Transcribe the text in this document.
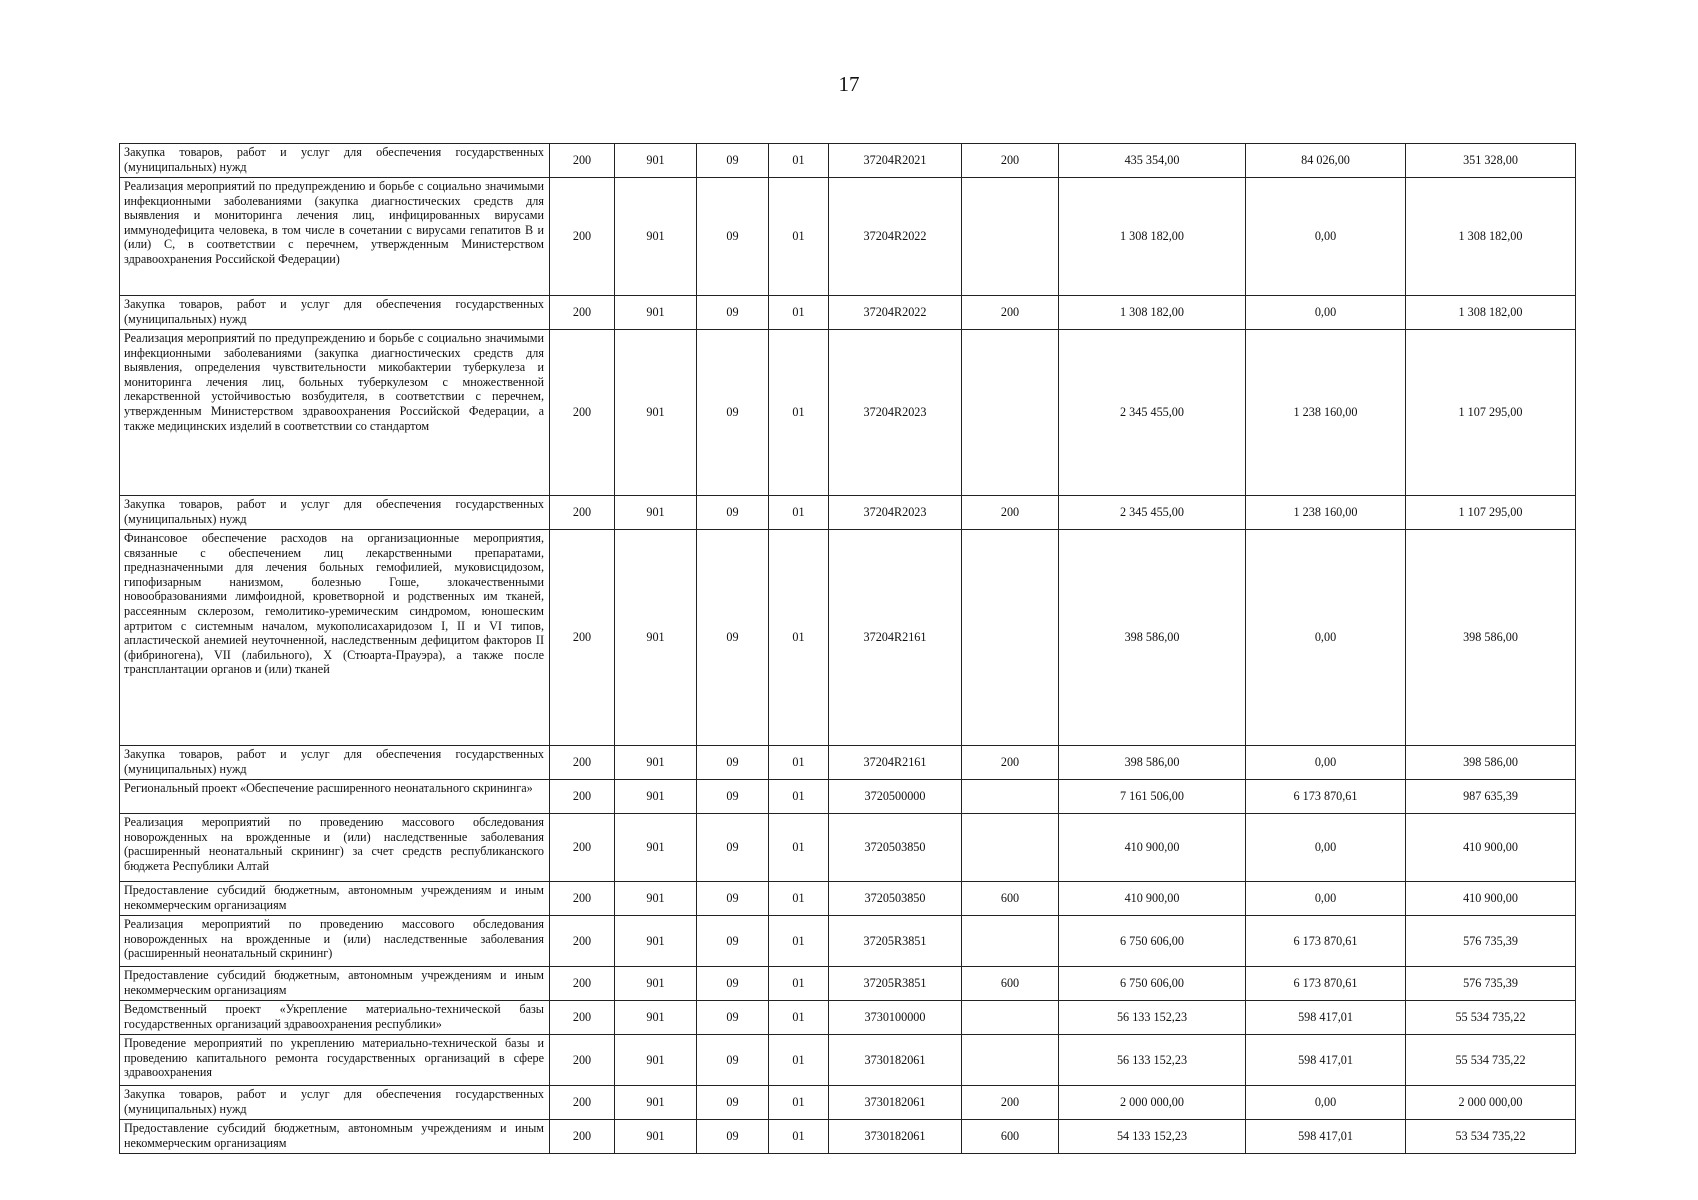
17
Закупка товаров, работ и услуг для обеспечения государственных (муниципальных) нужд	200	901	09	01	37204R2021	200	435 354,00	84 026,00	351 328,00
Реализация мероприятий по предупреждению и борьбе с социально значимыми инфекционными заболеваниями (закупка диагностических средств для выявления и мониторинга лечения лиц, инфицированных вирусами иммунодефицита человека, в том числе в сочетании с вирусами гепатитов B и (или) C, в соответствии с перечнем, утвержденным Министерством здравоохранения Российской Федерации)	200	901	09	01	37204R2022		1 308 182,00	0,00	1 308 182,00
Закупка товаров, работ и услуг для обеспечения государственных (муниципальных) нужд	200	901	09	01	37204R2022	200	1 308 182,00	0,00	1 308 182,00
Реализация мероприятий по предупреждению и борьбе с социально значимыми инфекционными заболеваниями (закупка диагностических средств для выявления, определения чувствительности микобактерии туберкулеза и мониторинга лечения лиц, больных туберкулезом с множественной лекарственной устойчивостью возбудителя, в соответствии с перечнем, утвержденным Министерством здравоохранения Российской Федерации, а также медицинских изделий в соответствии со стандартом	200	901	09	01	37204R2023		2 345 455,00	1 238 160,00	1 107 295,00
Закупка товаров, работ и услуг для обеспечения государственных (муниципальных) нужд	200	901	09	01	37204R2023	200	2 345 455,00	1 238 160,00	1 107 295,00
Финансовое обеспечение расходов на организационные мероприятия, связанные с обеспечением лиц лекарственными препаратами, предназначенными для лечения больных гемофилией, муковисцидозом, гипофизарным нанизмом, болезнью Гоше, злокачественными новообразованиями лимфоидной, кроветворной и родственных им тканей, рассеянным склерозом, гемолитико-уремическим синдромом, юношеским артритом с системным началом, мукополисахаридозом I, II и VI типов, апластической анемией неуточненной, наследственным дефицитом факторов II (фибриногена), VII (лабильного), X (Стюарта-Прауэра), а также после трансплантации органов и (или) тканей	200	901	09	01	37204R2161		398 586,00	0,00	398 586,00
Закупка товаров, работ и услуг для обеспечения государственных (муниципальных) нужд	200	901	09	01	37204R2161	200	398 586,00	0,00	398 586,00
Региональный проект «Обеспечение расширенного неонатального скрининга»	200	901	09	01	3720500000		7 161 506,00	6 173 870,61	987 635,39
Реализация мероприятий по проведению массового обследования новорожденных на врожденные и (или) наследственные заболевания (расширенный неонатальный скрининг) за счет средств республиканского бюджета Республики Алтай	200	901	09	01	3720503850		410 900,00	0,00	410 900,00
Предоставление субсидий бюджетным, автономным учреждениям и иным некоммерческим организациям	200	901	09	01	3720503850	600	410 900,00	0,00	410 900,00
Реализация мероприятий по проведению массового обследования новорожденных на врожденные и (или) наследственные заболевания (расширенный неонатальный скрининг)	200	901	09	01	37205R3851		6 750 606,00	6 173 870,61	576 735,39
Предоставление субсидий бюджетным, автономным учреждениям и иным некоммерческим организациям	200	901	09	01	37205R3851	600	6 750 606,00	6 173 870,61	576 735,39
Ведомственный проект «Укрепление материально-технической базы государственных организаций здравоохранения республики»	200	901	09	01	3730100000		56 133 152,23	598 417,01	55 534 735,22
Проведение мероприятий по укреплению материально-технической базы и проведению капитального ремонта государственных организаций в сфере здравоохранения	200	901	09	01	3730182061		56 133 152,23	598 417,01	55 534 735,22
Закупка товаров, работ и услуг для обеспечения государственных (муниципальных) нужд	200	901	09	01	3730182061	200	2 000 000,00	0,00	2 000 000,00
Предоставление субсидий бюджетным, автономным учреждениям и иным некоммерческим организациям	200	901	09	01	3730182061	600	54 133 152,23	598 417,01	53 534 735,22
